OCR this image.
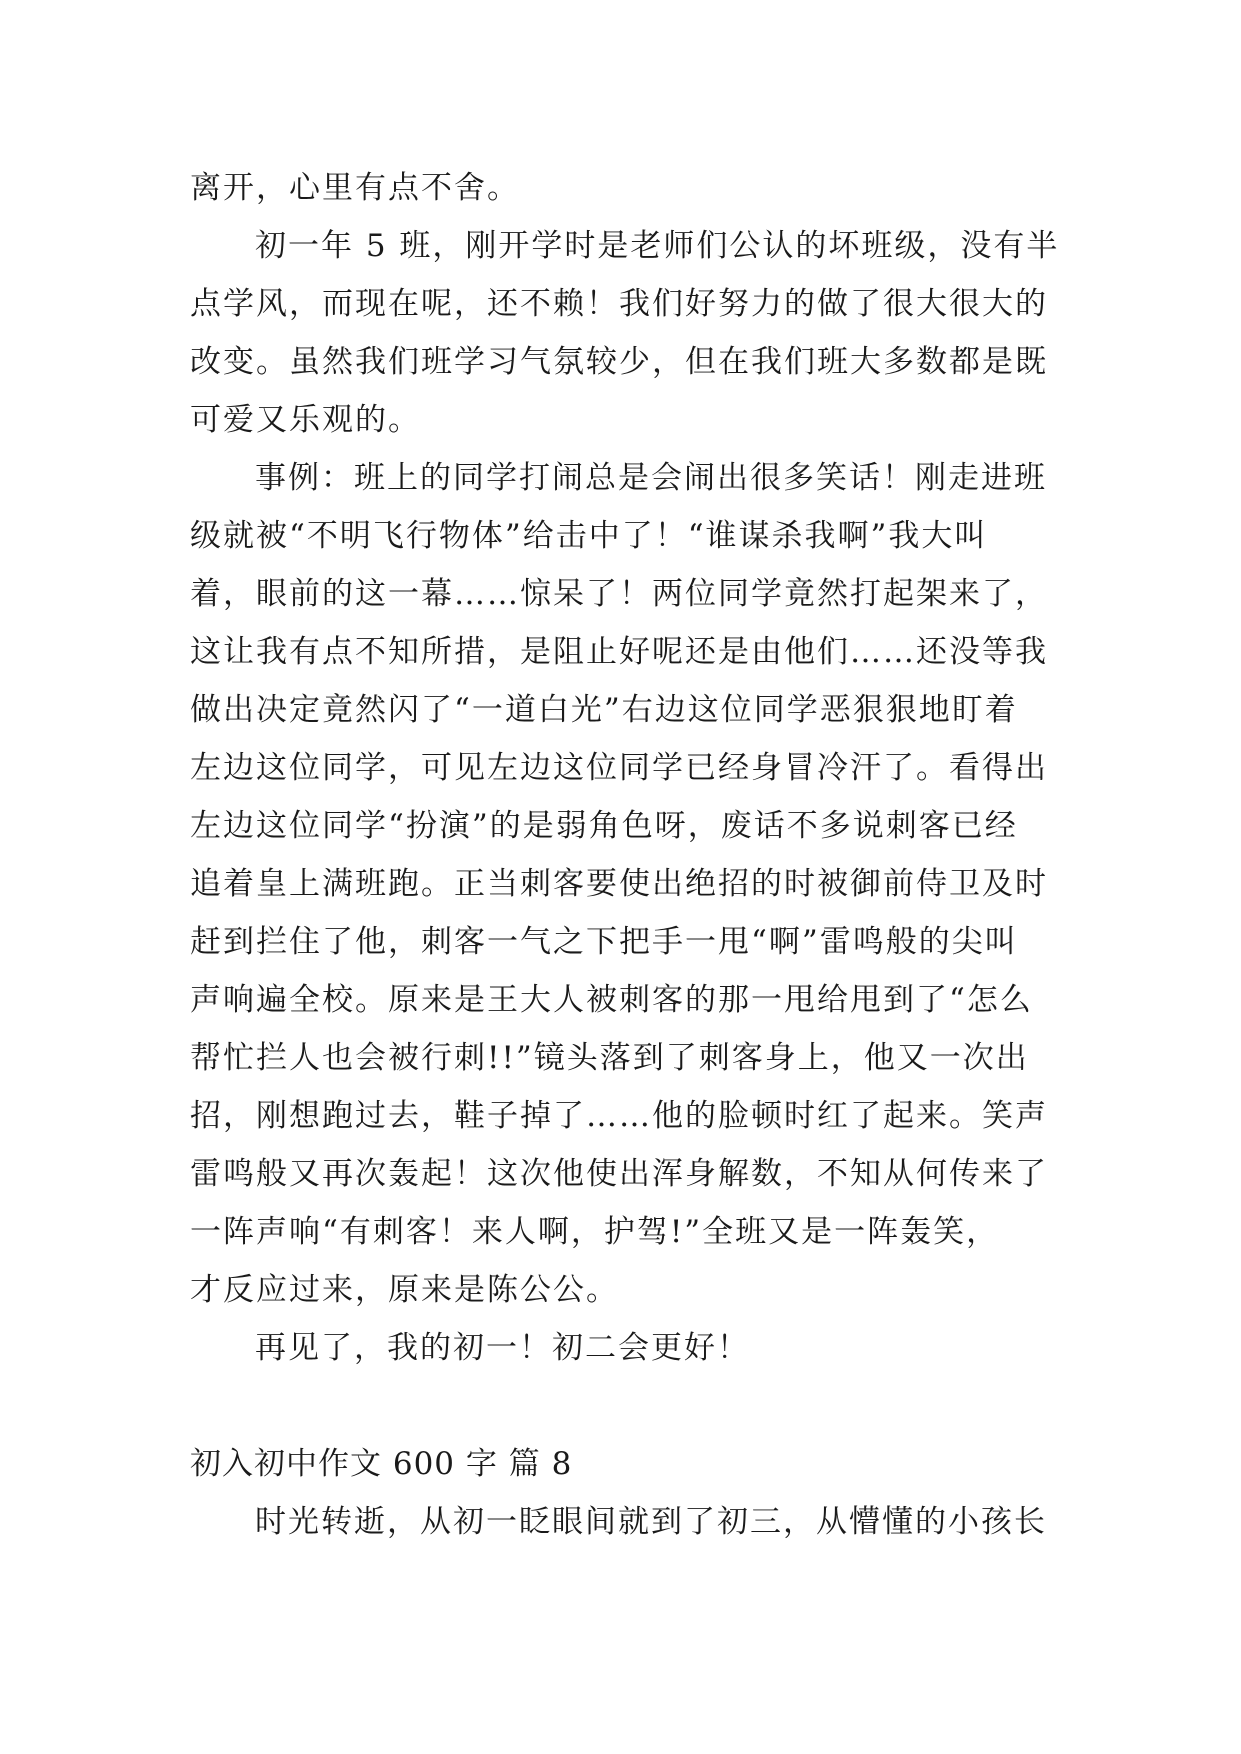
离开，心里有点不舍。
初一年 5 班，刚开学时是老师们公认的坏班级，没有半
点学风，而现在呢，还不赖！我们好努力的做了很大很大的
改变。虽然我们班学习气氛较少，但在我们班大多数都是既
可爱又乐观的。
事例：班上的同学打闹总是会闹出很多笑话！刚走进班
级就被“不明飞行物体”给击中了！“谁谋杀我啊”我大叫
着，眼前的这一幕……惊呆了！两位同学竟然打起架来了，
这让我有点不知所措，是阻止好呢还是由他们……还没等我
做出决定竟然闪了“一道白光”右边这位同学恶狠狠地盯着
左边这位同学，可见左边这位同学已经身冒冷汗了。看得出
左边这位同学“扮演”的是弱角色呀，废话不多说刺客已经
追着皇上满班跑。正当刺客要使出绝招的时被御前侍卫及时
赶到拦住了他，刺客一气之下把手一甩“啊”雷鸣般的尖叫
声响遍全校。原来是王大人被刺客的那一甩给甩到了“怎么
帮忙拦人也会被行刺!!”镜头落到了刺客身上，他又一次出
招，刚想跑过去，鞋子掉了……他的脸顿时红了起来。笑声
雷鸣般又再次轰起！这次他使出浑身解数，不知从何传来了
一阵声响“有刺客！来人啊，护驾!”全班又是一阵轰笑，
才反应过来，原来是陈公公。
再见了，我的初一！初二会更好！
初入初中作文 600 字 篇 8
时光转逝，从初一眨眼间就到了初三，从懵懂的小孩长
